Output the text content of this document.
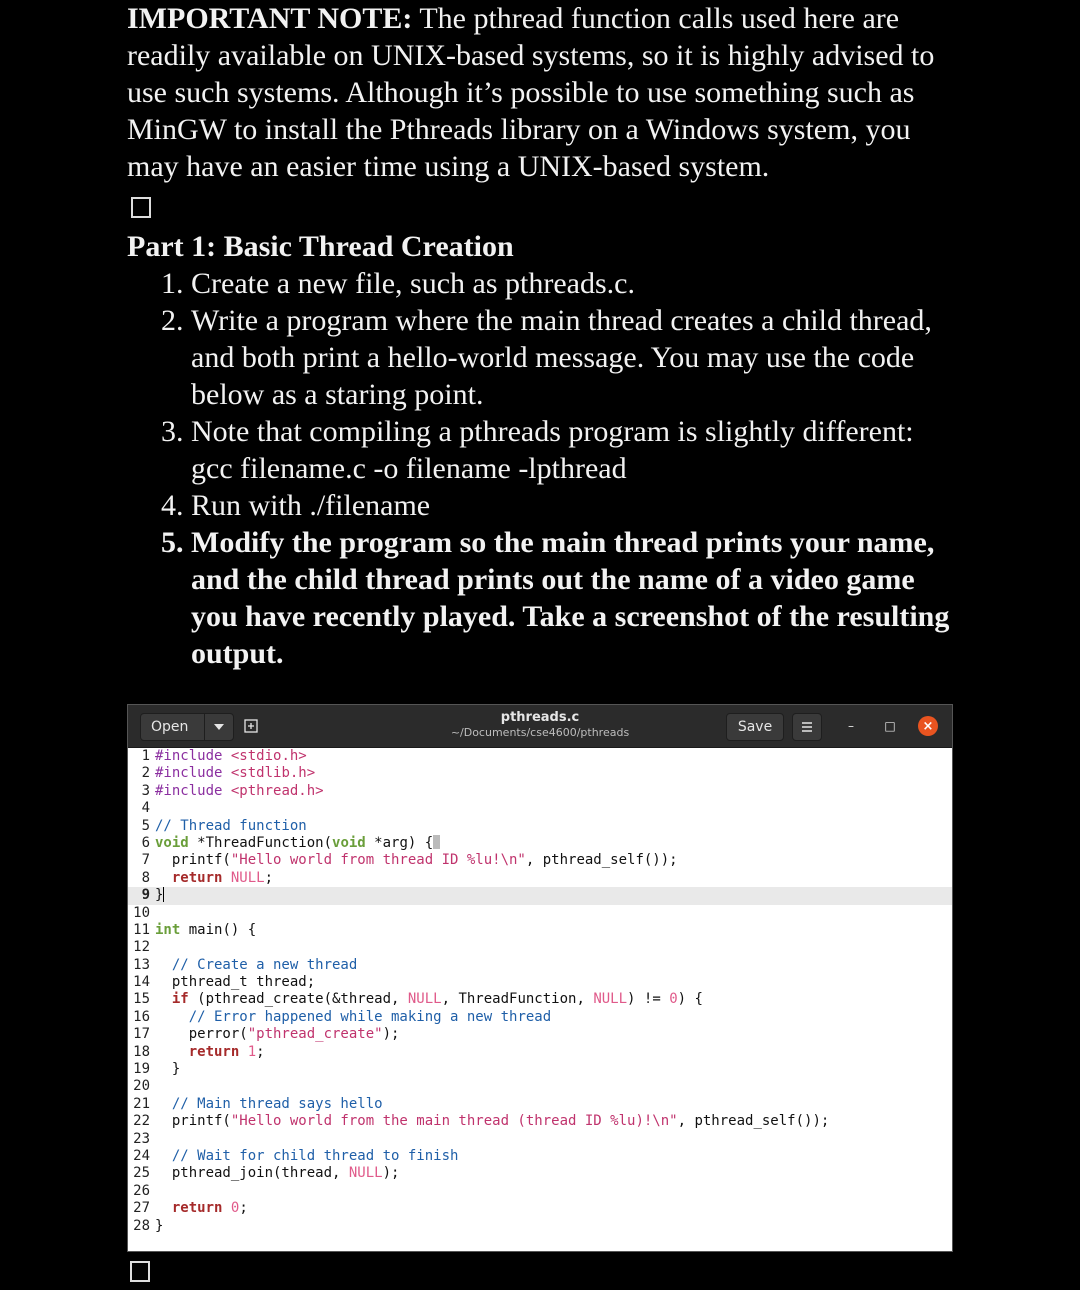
IMPORTANT NOTE: The pthread function calls used here are readily available on UNIX-based systems, so it is highly advised to use such systems. Although it’s possible to use something such as MinGW to install the Pthreads library on a Windows system, you may have an easier time using a UNIX-based system.

Part 1: Basic Thread Creation
1. Create a new file, such as pthreads.c.
2. Write a program where the main thread creates a child thread, and both print a hello-world message. You may use the code below as a staring point.
3. Note that compiling a pthreads program is slightly different: gcc filename.c -o filename -lpthread
4. Run with ./filename
5. Modify the program so the main thread prints your name, and the child thread prints out the name of a video game you have recently played. Take a screenshot of the resulting output.
Open
pthreads.c
~/Documents/cse4600/pthreads	Save	–	□	×
1 #include <stdio.h>
2 #include <stdlib.h>
3 #include <pthread.h>
4
5 // Thread function
6 void *ThreadFunction(void *arg) {
7 printf("Hello world from thread ID %lu!\n", pthread_self());
8	return NULL;
9 }
10
11 int main() {
12
13	// Create a new thread
14 pthread_t thread;
15	if (pthread_create(&thread, NULL, ThreadFunction, NULL) != 0) {
16	// Error happened while making a new thread
17 perror("pthread_create");
18	return 1;
19 }
20
21	// Main thread says hello
22 printf("Hello world from the main thread (thread ID %lu)!\n", pthread_self());
23
24	// Wait for child thread to finish
25 pthread_join(thread, NULL);
26
27	return 0;
28 }
